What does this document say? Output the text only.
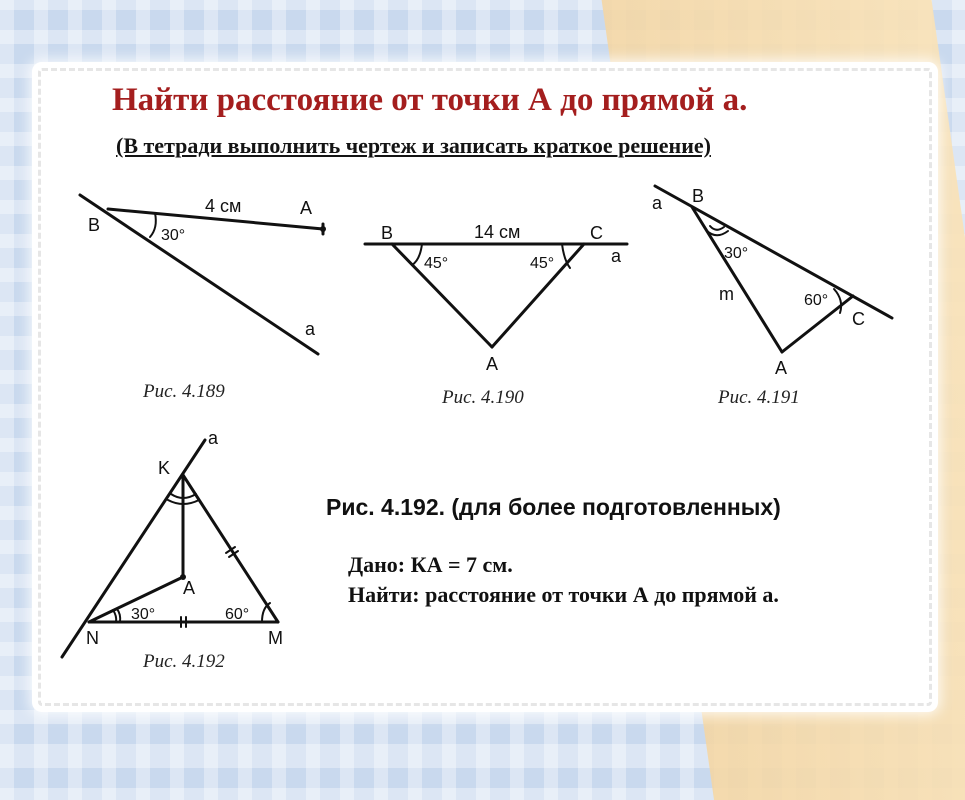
Найти расстояние от точки А до прямой а.
(В тетради выполнить чертеж и записать краткое решение)
B
A
a
4 см
30°
Рис. 4.189
B	C
a
A
14 см
45°	45°
Рис. 4.190
a B
C
A
m
30°
60°
Рис. 4.191
a
K
A
N	M
30°	60°
Рис. 4.192
Рис. 4.192. (для более подготовленных)

Дано: КА = 7 см.

Найти: расстояние от точки А до прямой а.
